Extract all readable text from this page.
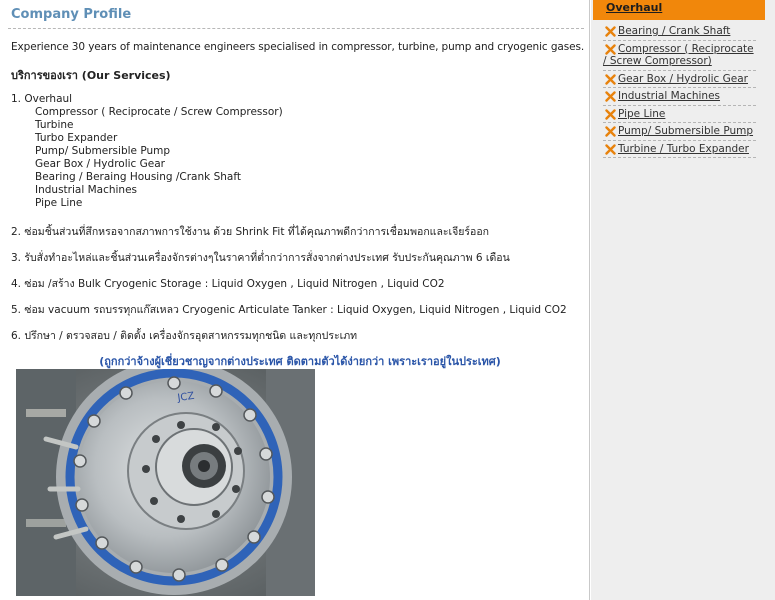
Company Profile
Experience 30 years of maintenance engineers specialised in compressor, turbine, pump and cryogenic gases.
บริการของเรา (Our Services)
1. Overhaul
Compressor ( Reciprocate / Screw Compressor)
Turbine
Turbo Expander
Pump/ Submersible Pump
Gear Box / Hydrolic Gear
Bearing / Beraing Housing /Crank Shaft
Industrial Machines
Pipe Line
2. ซ่อมชิ้นส่วนที่สึกหรอจากสภาพการใช้งาน ด้วย Shrink Fit ที่ได้คุณภาพดีกว่าการเชื่อมพอกและเจียร์ออก
3. รับสั่งทำอะไหล่และชิ้นส่วนเครื่องจักรต่างๆในราคาที่ต่ำกว่าการสั่งจากต่างประเทศ รับประกันคุณภาพ 6 เดือน
4. ซ่อม /สร้าง Bulk Cryogenic Storage : Liquid Oxygen , Liquid Nitrogen , Liquid CO2
5. ซ่อม vacuum รถบรรทุกแก๊สเหลว Cryogenic Articulate Tanker : Liquid Oxygen, Liquid Nitrogen , Liquid CO2
6. ปรึกษา / ตรวจสอบ / ติดตั้ง เครื่องจักรอุตสาหกรรมทุกชนิด และทุกประเภท
(ถูกกว่าจ้างผู้เชี่ยวชาญจากต่างประเทศ ติดตามตัวได้ง่ายกว่า เพราะเราอยู่ในประเทศ)
JCZ
Overhaul
Bearing / Crank Shaft
Compressor ( Reciprocate / Screw Compressor)
Gear Box / Hydrolic Gear
Industrial Machines
Pipe Line
Pump/ Submersible Pump
Turbine / Turbo Expander
